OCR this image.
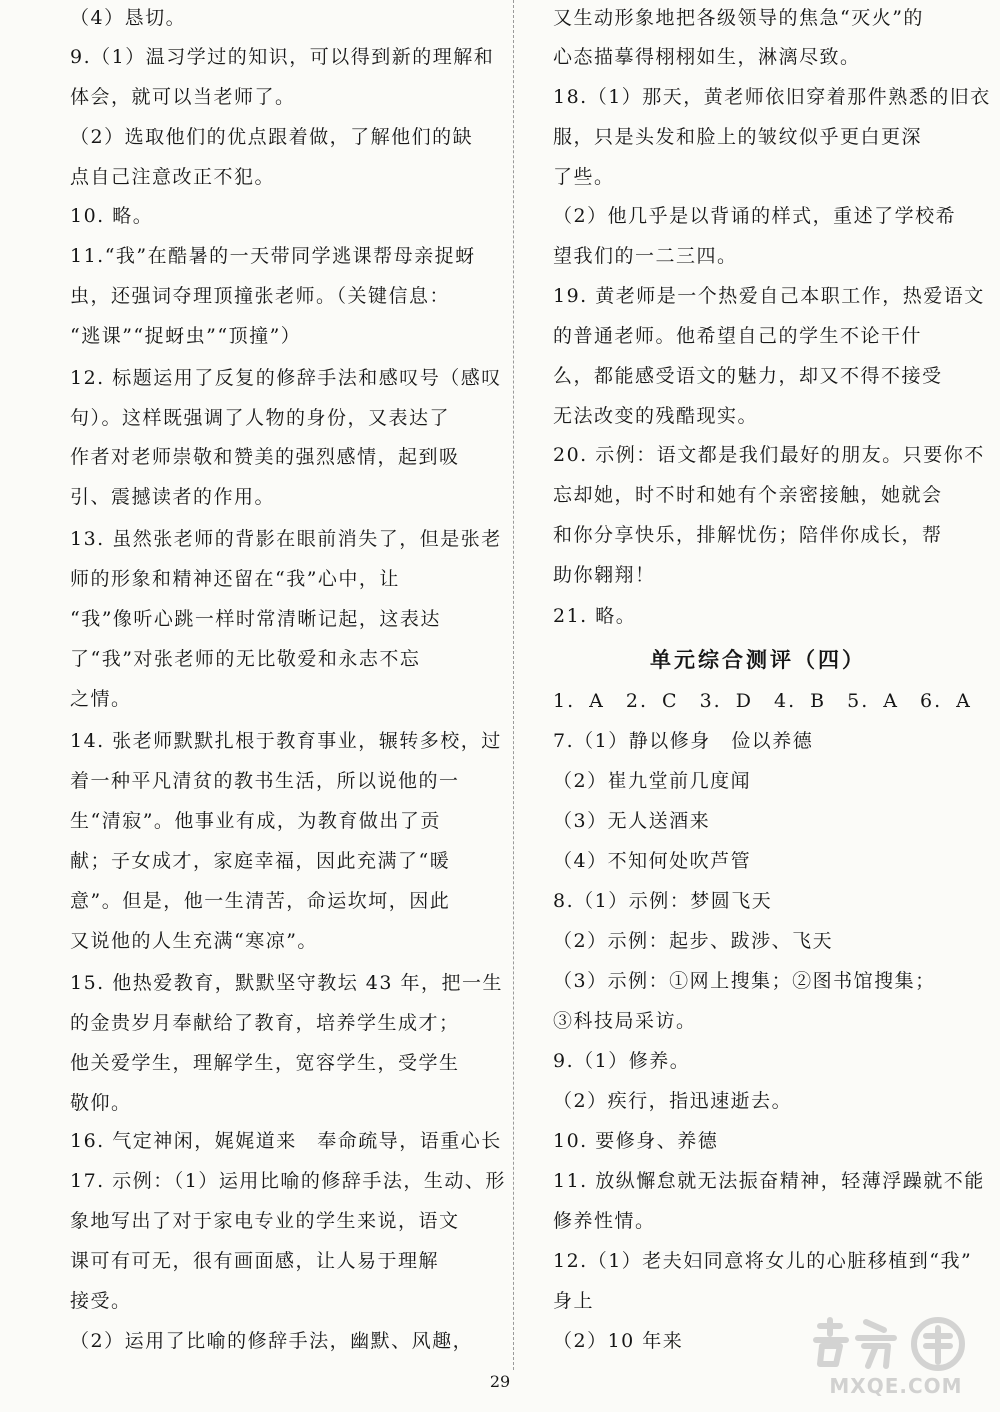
（4）恳切。
9.（1）温习学过的知识，可以得到新的理解和
体会，就可以当老师了。
（2）选取他们的优点跟着做，了解他们的缺
点自己注意改正不犯。
10. 略。
11.“我”在酷暑的一天带同学逃课帮母亲捉蚜
虫，还强词夺理顶撞张老师。（关键信息：
“逃课”“捉蚜虫”“顶撞”）
12. 标题运用了反复的修辞手法和感叹号（感叹
句）。这样既强调了人物的身份，又表达了
作者对老师崇敬和赞美的强烈感情，起到吸
引、震撼读者的作用。
13. 虽然张老师的背影在眼前消失了，但是张老
师的形象和精神还留在“我”心中，让
“我”像听心跳一样时常清晰记起，这表达
了“我”对张老师的无比敬爱和永志不忘
之情。
14. 张老师默默扎根于教育事业，辗转多校，过
着一种平凡清贫的教书生活，所以说他的一
生“清寂”。他事业有成，为教育做出了贡
献；子女成才，家庭幸福，因此充满了“暖
意”。但是，他一生清苦，命运坎坷，因此
又说他的人生充满“寒凉”。
15. 他热爱教育，默默坚守教坛 43 年，把一生
的金贵岁月奉献给了教育，培养学生成才；
他关爱学生，理解学生，宽容学生，受学生
敬仰。
16. 气定神闲，娓娓道来　奉命疏导，语重心长
17. 示例：（1）运用比喻的修辞手法，生动、形
象地写出了对于家电专业的学生来说，语文
课可有可无，很有画面感，让人易于理解
接受。
（2）运用了比喻的修辞手法，幽默、风趣，
单元综合测评（四）
又生动形象地把各级领导的焦急“灭火”的
心态描摹得栩栩如生，淋漓尽致。
18.（1）那天，黄老师依旧穿着那件熟悉的旧衣
服，只是头发和脸上的皱纹似乎更白更深
了些。
（2）他几乎是以背诵的样式，重述了学校希
望我们的一二三四。
19. 黄老师是一个热爱自己本职工作，热爱语文
的普通老师。他希望自己的学生不论干什
么，都能感受语文的魅力，却又不得不接受
无法改变的残酷现实。
20. 示例：语文都是我们最好的朋友。只要你不
忘却她，时不时和她有个亲密接触，她就会
和你分享快乐，排解忧伤；陪伴你成长，帮
助你翱翔！
21. 略。
1. A　2. C　3. D　4. B　5. A　6. A
7.（1）静以修身　俭以养德
（2）崔九堂前几度闻
（3）无人送酒来
（4）不知何处吹芦管
8.（1）示例：梦圆飞天
（2）示例：起步、跋涉、飞天
（3）示例：①网上搜集；②图书馆搜集；
③科技局采访。
9.（1）修养。
（2）疾行，指迅速逝去。
10. 要修身、养德
11. 放纵懈怠就无法振奋精神，轻薄浮躁就不能
修养性情。
12.（1）老夫妇同意将女儿的心脏移植到“我”
身上
（2）10 年来
29	MXQE.COM
